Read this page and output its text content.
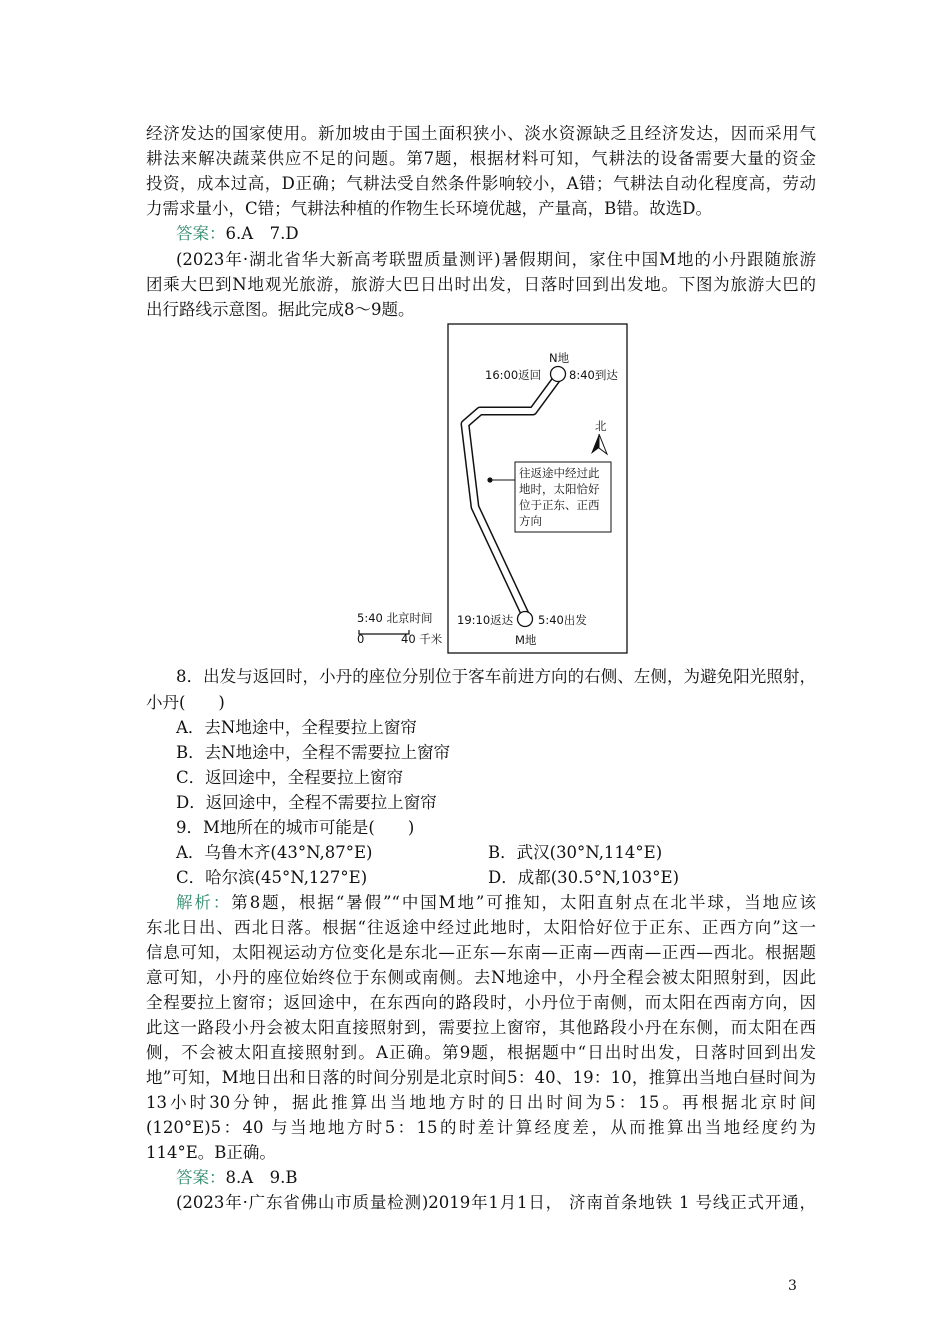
经济发达的国家使用。新加坡由于国土面积狭小、淡水资源缺乏且经济发达，因而采用气
耕法来解决蔬菜供应不足的问题。第7题，根据材料可知，气耕法的设备需要大量的资金
投资，成本过高，D正确；气耕法受自然条件影响较小，A错；气耕法自动化程度高，劳动
力需求量小，C错；气耕法种植的作物生长环境优越，产量高，B错。故选D。
答案：6.A　7.D
(2023年·湖北省华大新高考联盟质量测评)暑假期间，家住中国M地的小丹跟随旅游
团乘大巴到N地观光旅游，旅游大巴日出时出发，日落时回到出发地。下图为旅游大巴的
出行路线示意图。据此完成8～9题。
N地
16:00返回 8:40到达
19:10返达 5:40出发
M地
北
往返途中经过此
地时，太阳恰好
位于正东、正西
方向
5:40 北京时间
0	40 千米
8．出发与返回时，小丹的座位分别位于客车前进方向的右侧、左侧，为避免阳光照射，
小丹(　　)
A．去N地途中，全程要拉上窗帘
B．去N地途中，全程不需要拉上窗帘
C．返回途中，全程要拉上窗帘
D．返回途中，全程不需要拉上窗帘
9．M地所在的城市可能是(　　)
A．乌鲁木齐(43°N,87°E)	B．武汉(30°N,114°E)
C．哈尔滨(45°N,127°E)	D．成都(30.5°N,103°E)
解析：第8题，根据“暑假”“中国M地”可推知，太阳直射点在北半球，当地应该
东北日出、西北日落。根据“往返途中经过此地时，太阳恰好位于正东、正西方向”这一
信息可知，太阳视运动方位变化是东北—正东—东南—正南—西南—正西—西北。根据题
意可知，小丹的座位始终位于东侧或南侧。去N地途中，小丹全程会被太阳照射到，因此
全程要拉上窗帘；返回途中，在东西向的路段时，小丹位于南侧，而太阳在西南方向，因
此这一路段小丹会被太阳直接照射到，需要拉上窗帘，其他路段小丹在东侧，而太阳在西
侧，不会被太阳直接照射到。A正确。第9题，根据题中“日出时出发，日落时回到出发
地”可知，M地日出和日落的时间分别是北京时间5：40、19：10，推算出当地白昼时间为
13小时30分钟，据此推算出当地地方时的日出时间为5：15。再根据北京时间
(120°E)5：40 与当地地方时5：15的时差计算经度差，从而推算出当地经度约为
114°E。B正确。
答案：8.A　9.B
(2023年·广东省佛山市质量检测)2019年1月1日， 济南首条地铁 1 号线正式开通，
3
